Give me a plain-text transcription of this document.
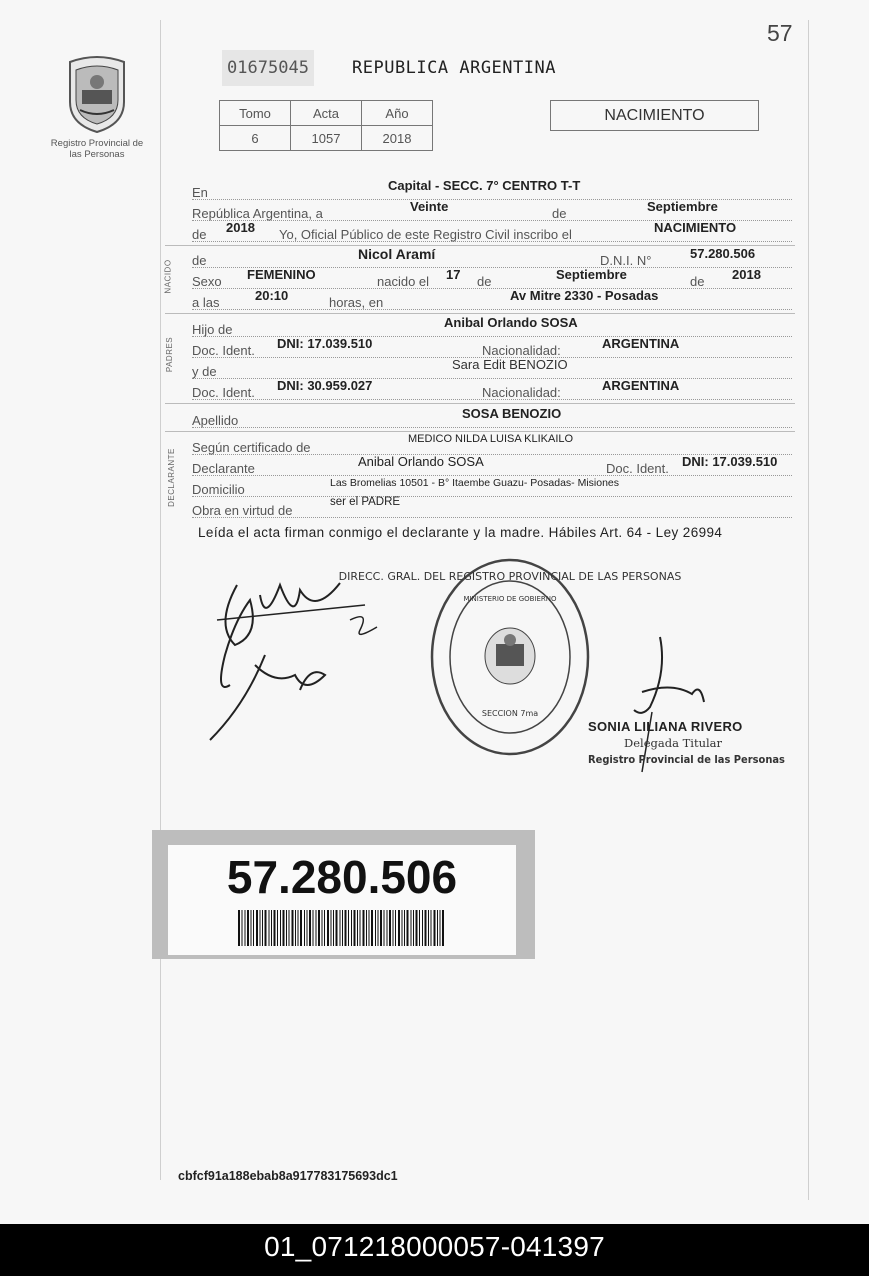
57
Registro Provincial de las Personas
01675045	REPUBLICA ARGENTINA
Tomo	Acta	Año
6	1057	2018
NACIMIENTO
En	Capital - SECC. 7° CENTRO T-T
República Argentina, a	Veinte	de	Septiembre
de 2018 Yo, Oficial Público de este Registro Civil inscribo el	NACIMIENTO
NACIDO de	Nicol Aramí	D.N.I. N°	57.280.506
Sexo FEMENINO	nacido el 17 de	Septiembre	de 2018
a las	20:10	horas, en	Av Mitre 2330 - Posadas
PADRES
Hijo de	Anibal Orlando SOSA
Doc. Ident. DNI: 17.039.510	Nacionalidad:	ARGENTINA
y de	Sara Edit BENOZIO
Doc. Ident. DNI: 30.959.027	Nacionalidad:	ARGENTINA
Apellido	SOSA BENOZIO
DECLARANTE
Según certificado de
MEDICO NILDA LUISA KLIKAILO
Declarante	Anibal Orlando SOSA	Doc. Ident. DNI: 17.039.510
Domicilio	Las Bromelias 10501 - B° Itaembe Guazu- Posadas- Misiones
Obra en virtud de
ser el PADRE
Leída el acta firman conmigo el declarante y la madre. Hábiles Art. 64 - Ley 26994
DIRECC. GRAL. DEL REGISTRO PROVINCIAL DE LAS PERSONAS
MINISTERIO DE GOBIERNO
SECCION 7ma
SONIA LILIANA RIVERO
Delegada Titular
Registro Provincial de las Personas
57.280.506
cbfcf91a188ebab8a917783175693dc1
01_071218000057-041397
